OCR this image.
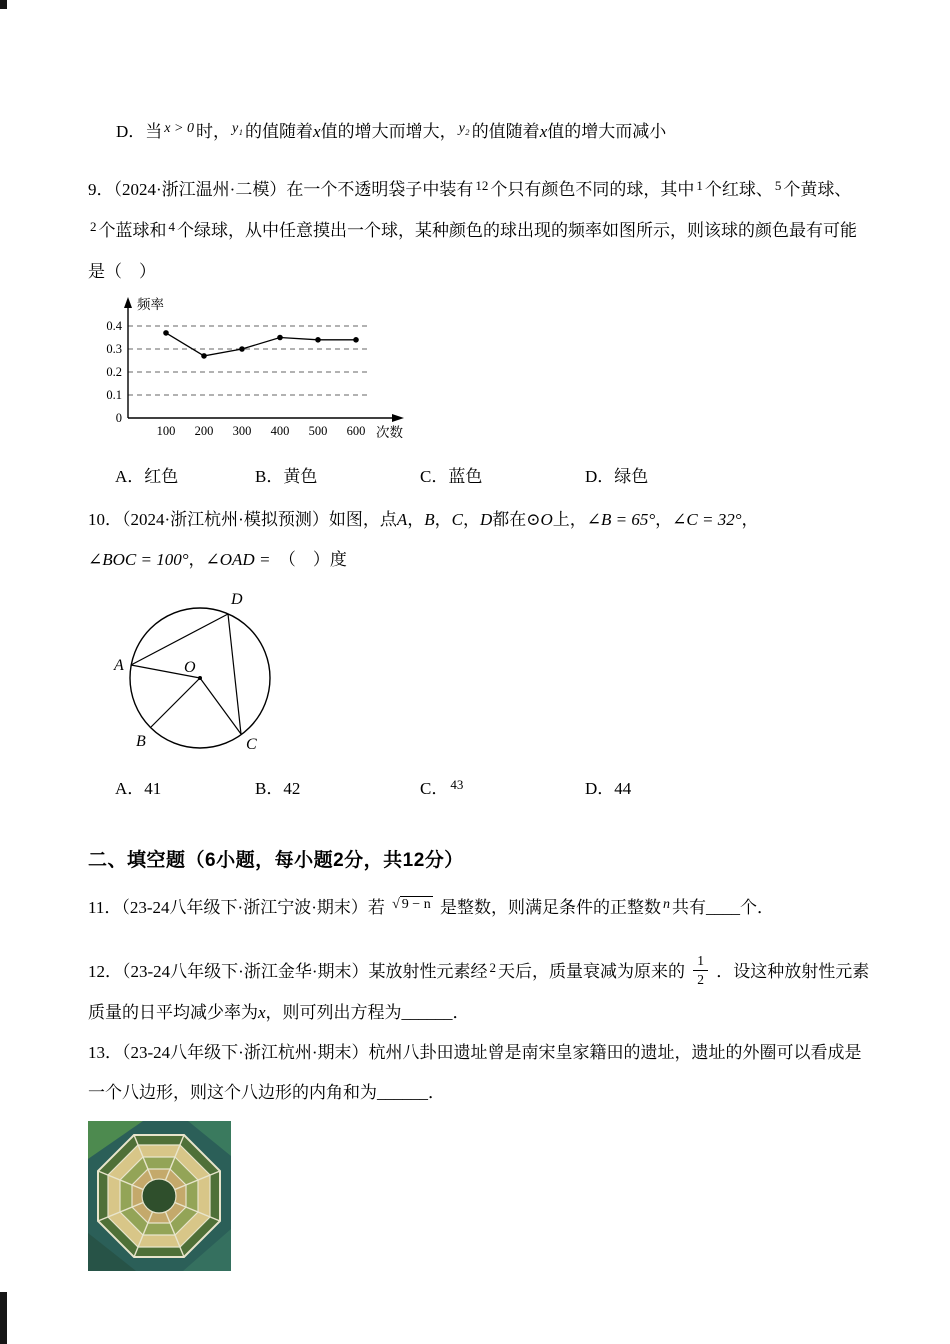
D．当 $^{x > 0}$ 时， $^{y_1}$ 的值随着x值的增大而增大， $^{y_2}$ 的值随着x值的增大而减小

9．（2024·浙江温州·二模）在一个不透明袋子中装有 $^{12}$ 个只有颜色不同的球，其中 $^1$ 个红球、 $^5$ 个黄球、

$^2$ 个蓝球和 $^4$ 个绿球，从中任意摸出一个球，某种颜色的球出现的频率如图所示，则该球的颜色最有可能

是（　）

0.1
0.2
0.3
0.4
0
频率
次数
100 200 300 400 500 600
A．红色	B．黄色	C．蓝色	D．绿色

10．（2024·浙江杭州·模拟预测）如图，点A，B，C，D都在⊙O上，∠B = 65°，∠C = 32°，

∠BOC = 100°，∠OAD =　（　）度

A
B	C
D
O
A．41	B．42	C． $^{43}$	D．44
二、填空题（6小题，每小题2分，共12分）

11．（23-24八年级下·浙江宁波·期末）若 √ 9 − n 是整数，则满足条件的正整数 $^n$ 共有____个．

12．（23-24八年级下·浙江金华·期末）某放射性元素经 $^2$ 天后，质量衰减为原来的 $\frac{1}{2}$ ．设这种放射性元素

质量的日平均减少率为x，则可列出方程为______．

13．（23-24八年级下·浙江杭州·期末）杭州八卦田遗址曾是南宋皇家籍田的遗址，遗址的外圈可以看成是

一个八边形，则这个八边形的内角和为______．
